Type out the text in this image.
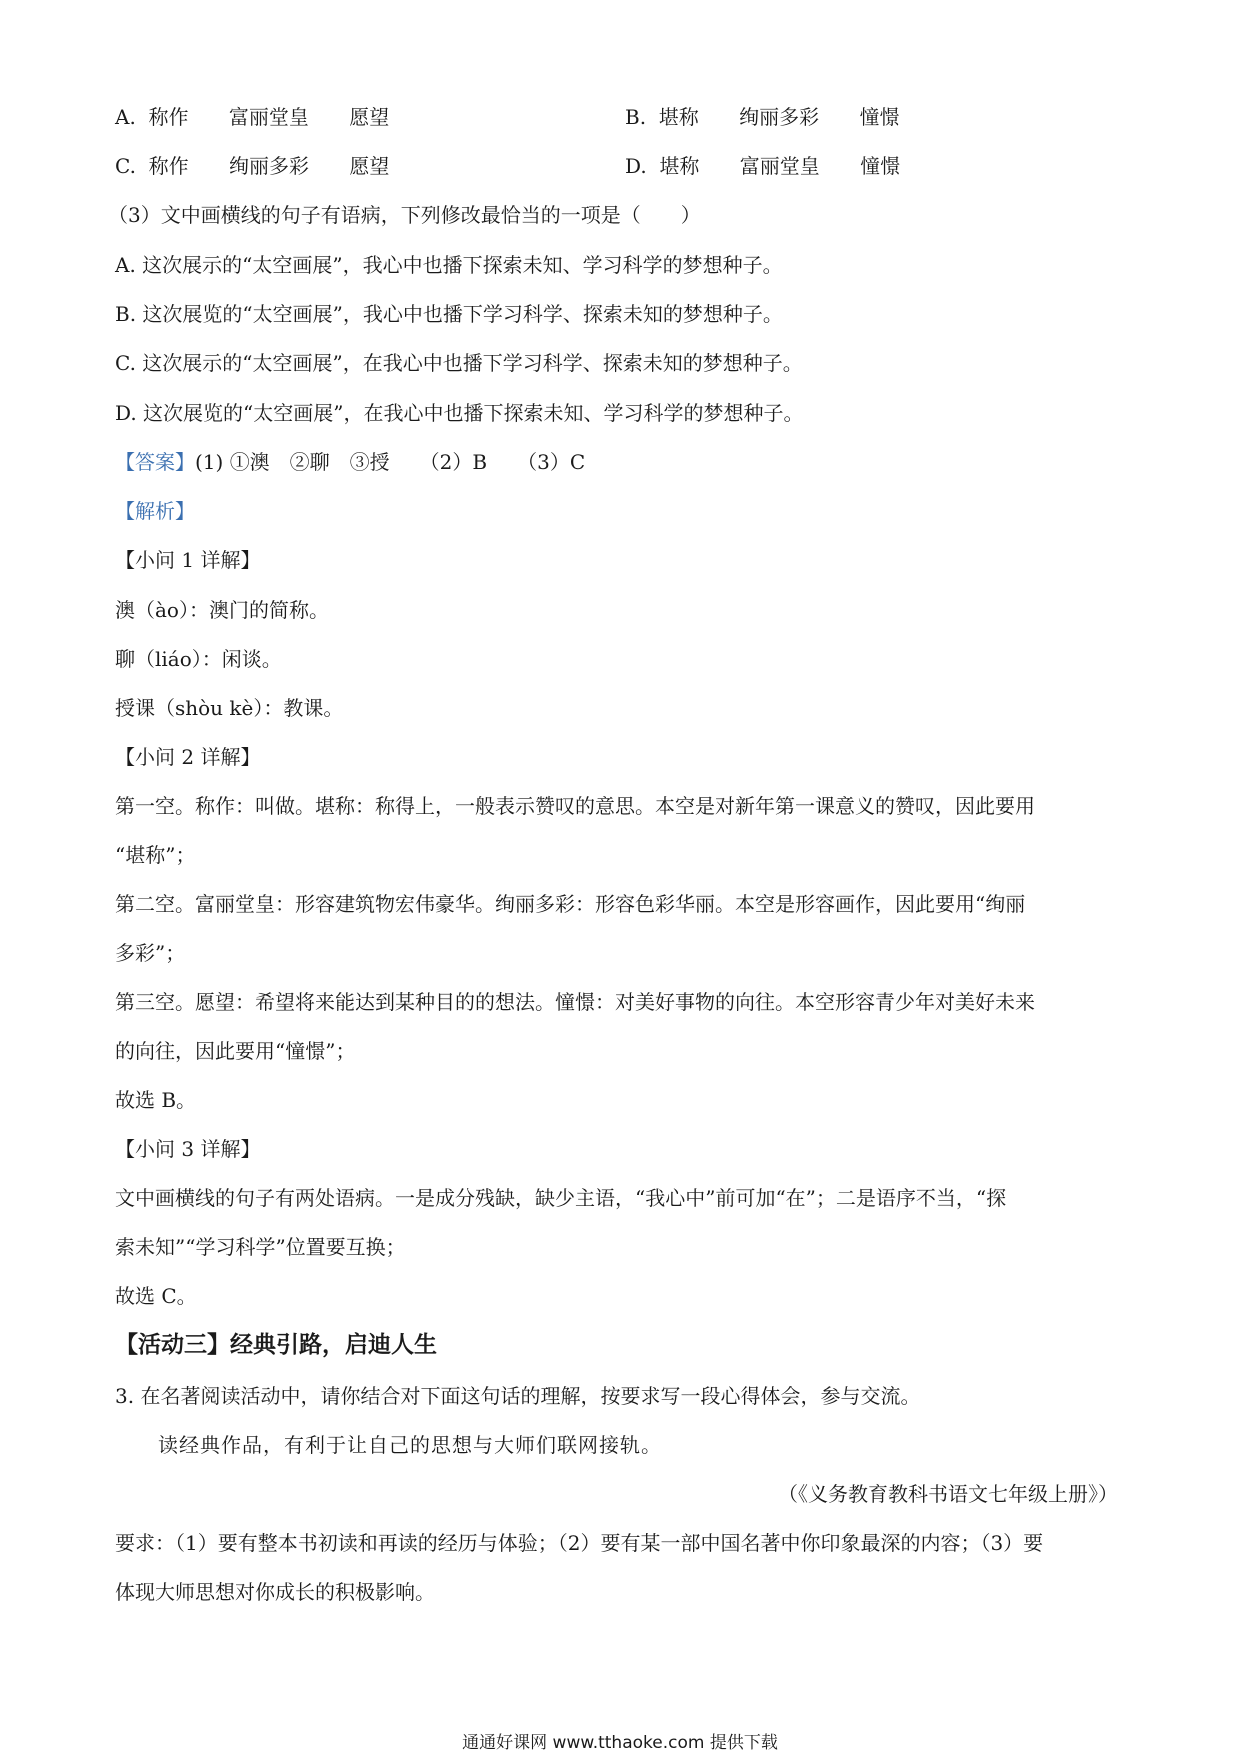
A. 称作 富丽堂皇 愿望	B. 堪称 绚丽多彩 憧憬
C. 称作 绚丽多彩 愿望	D. 堪称 富丽堂皇 憧憬
（3）文中画横线的句子有语病，下列修改最恰当的一项是（　　）
A. 这次展示的“太空画展”，我心中也播下探索未知、学习科学的梦想种子。
B. 这次展览的“太空画展”，我心中也播下学习科学、探索未知的梦想种子。
C. 这次展示的“太空画展”，在我心中也播下学习科学、探索未知的梦想种子。
D. 这次展览的“太空画展”，在我心中也播下探索未知、学习科学的梦想种子。
【答案】(1) ①澳　②聊　③授　　（2）B　　（3）C
【解析】
【小问 1 详解】
澳（ào）：澳门的简称。
聊（liáo）：闲谈。
授课（shòu kè）：教课。
【小问 2 详解】
第一空。称作：叫做。堪称：称得上，一般表示赞叹的意思。本空是对新年第一课意义的赞叹，因此要用
“堪称”；
第二空。富丽堂皇：形容建筑物宏伟豪华。绚丽多彩：形容色彩华丽。本空是形容画作，因此要用“绚丽
多彩”；
第三空。愿望：希望将来能达到某种目的的想法。憧憬：对美好事物的向往。本空形容青少年对美好未来
的向往，因此要用“憧憬”；
故选 B。
【小问 3 详解】
文中画横线的句子有两处语病。一是成分残缺，缺少主语，“我心中”前可加“在”；二是语序不当，“探
索未知”“学习科学”位置要互换；
故选 C。
【活动三】经典引路，启迪人生
3. 在名著阅读活动中，请你结合对下面这句话的理解，按要求写一段心得体会，参与交流。
读经典作品，有利于让自己的思想与大师们联网接轨。
（《义务教育教科书语文七年级上册》）
要求：（1）要有整本书初读和再读的经历与体验；（2）要有某一部中国名著中你印象最深的内容；（3）要
体现大师思想对你成长的积极影响。
通通好课网 www.tthaoke.com 提供下载
